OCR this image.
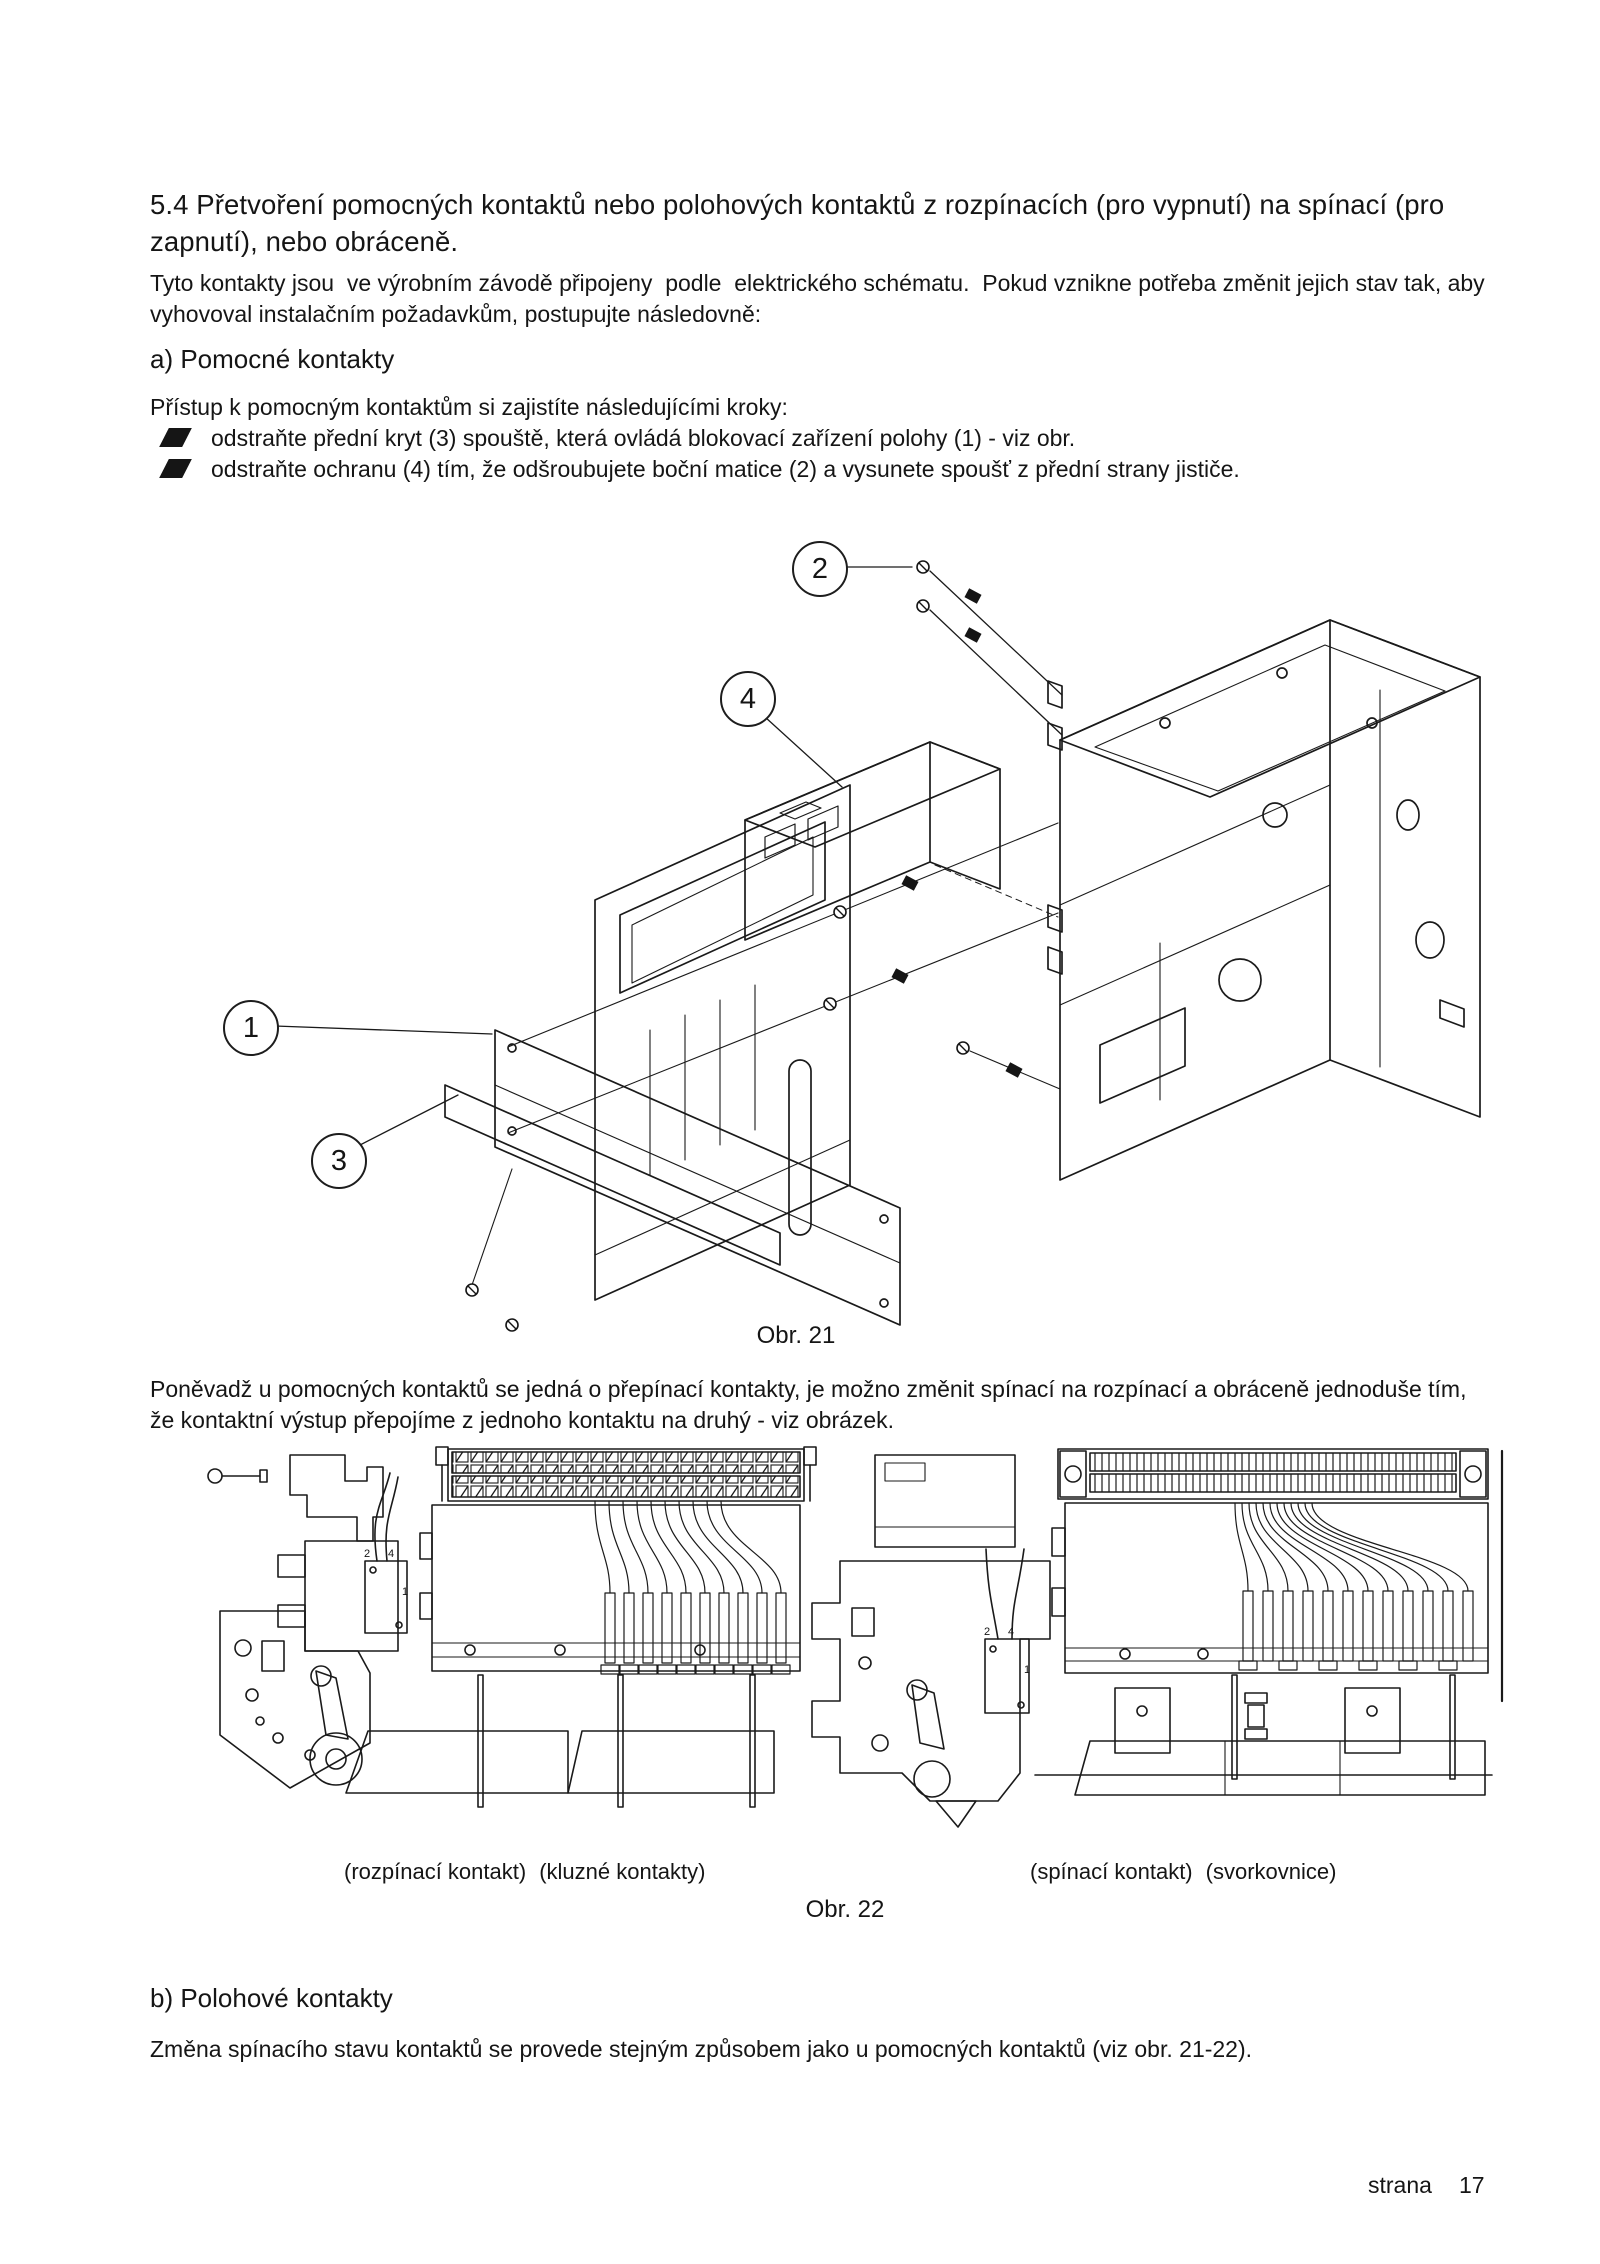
5.4 Přetvoření pomocných kontaktů nebo polohových kontaktů z rozpínacích (pro vypnutí) na spínací (pro zapnutí), nebo obráceně.
Tyto kontakty jsou  ve výrobním závodě připojeny  podle  elektrického schématu.  Pokud vznikne potřeba změnit jejich stav tak, aby vyhovoval instalačním požadavkům, postupujte následovně:
a) Pomocné kontakty
Přístup k pomocným kontaktům si zajistíte následujícími kroky:
odstraňte přední kryt (3) spouště, která ovládá blokovací zařízení polohy (1) - viz obr.
odstraňte ochranu (4) tím, že odšroubujete boční matice (2) a vysunete spoušť z přední strany jističe.
2
4
1
3
Obr. 21
Poněvadž u pomocných kontaktů se jedná o přepínací kontakty, je možno změnit spínací na rozpínací a obráceně jednoduše tím, že kontaktní výstup přepojíme z jednoho kontaktu na druhý - viz obrázek.
2 4
1
2 4
1
(rozpínací kontakt) (kluzné kontakty)	(spínací kontakt) (svorkovnice)
Obr. 22
b) Polohové kontakty
Změna spínacího stavu kontaktů se provede stejným způsobem jako u pomocných kontaktů (viz obr. 21-22).
strana 17
